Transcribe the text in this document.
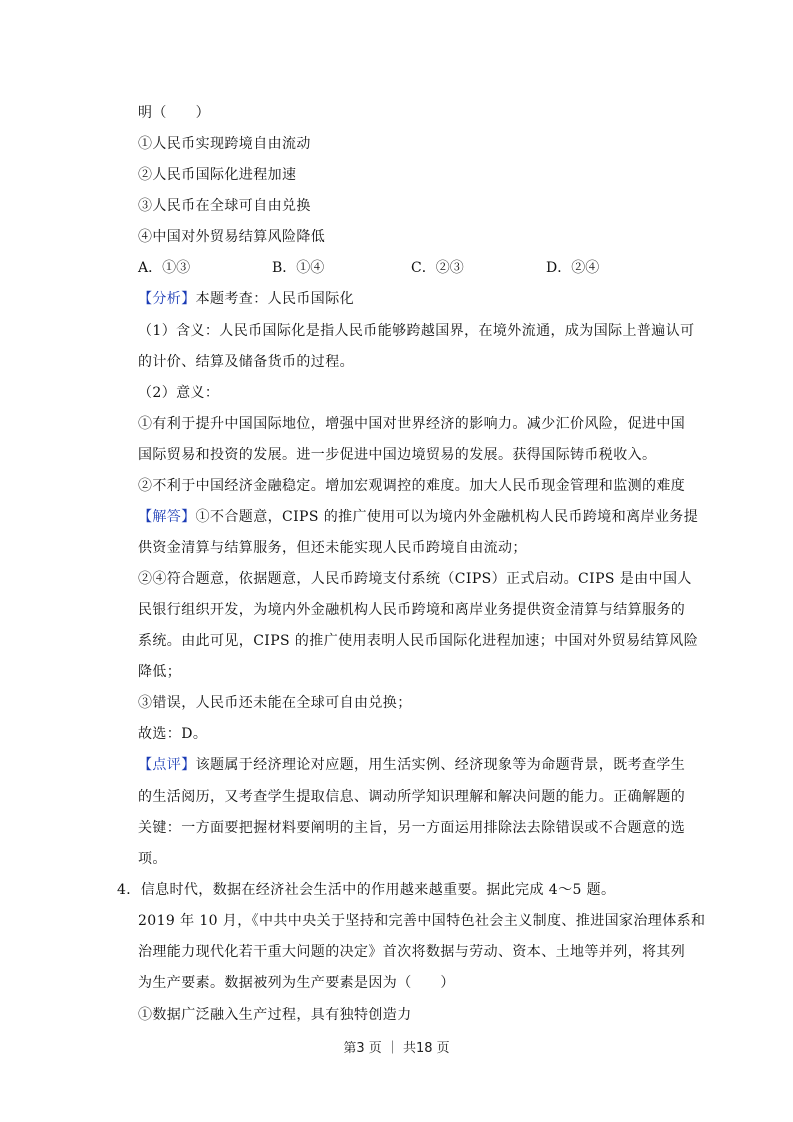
明（　　）
①人民币实现跨境自由流动
②人民币国际化进程加速
③人民币在全球可自由兑换
④中国对外贸易结算风险降低
A．①③	B．①④	C．②③	D．②④
【分析】本题考查：人民币国际化
（1）含义：人民币国际化是指人民币能够跨越国界，在境外流通，成为国际上普遍认可
的计价、结算及储备货币的过程。
（2）意义：
①有利于提升中国国际地位，增强中国对世界经济的影响力。减少汇价风险，促进中国
国际贸易和投资的发展。进一步促进中国边境贸易的发展。获得国际铸币税收入。
②不利于中国经济金融稳定。增加宏观调控的难度。加大人民币现金管理和监测的难度
【解答】①不合题意，CIPS 的推广使用可以为境内外金融机构人民币跨境和离岸业务提
供资金清算与结算服务，但还未能实现人民币跨境自由流动；
②④符合题意，依据题意，人民币跨境支付系统（CIPS）正式启动。CIPS 是由中国人
民银行组织开发，为境内外金融机构人民币跨境和离岸业务提供资金清算与结算服务的
系统。由此可见，CIPS 的推广使用表明人民币国际化进程加速；中国对外贸易结算风险
降低；
③错误，人民币还未能在全球可自由兑换；
故选：D。
【点评】该题属于经济理论对应题，用生活实例、经济现象等为命题背景，既考查学生
的生活阅历，又考查学生提取信息、调动所学知识理解和解决问题的能力。正确解题的
关键：一方面要把握材料要阐明的主旨，另一方面运用排除法去除错误或不合题意的选
项。
4．信息时代，数据在经济社会生活中的作用越来越重要。据此完成 4～5 题。
2019 年 10 月，《中共中央关于坚持和完善中国特色社会主义制度、推进国家治理体系和
治理能力现代化若干重大问题的决定》首次将数据与劳动、资本、土地等并列，将其列
为生产要素。数据被列为生产要素是因为（　　）
①数据广泛融入生产过程，具有独特创造力
第3 页 ｜ 共18 页
